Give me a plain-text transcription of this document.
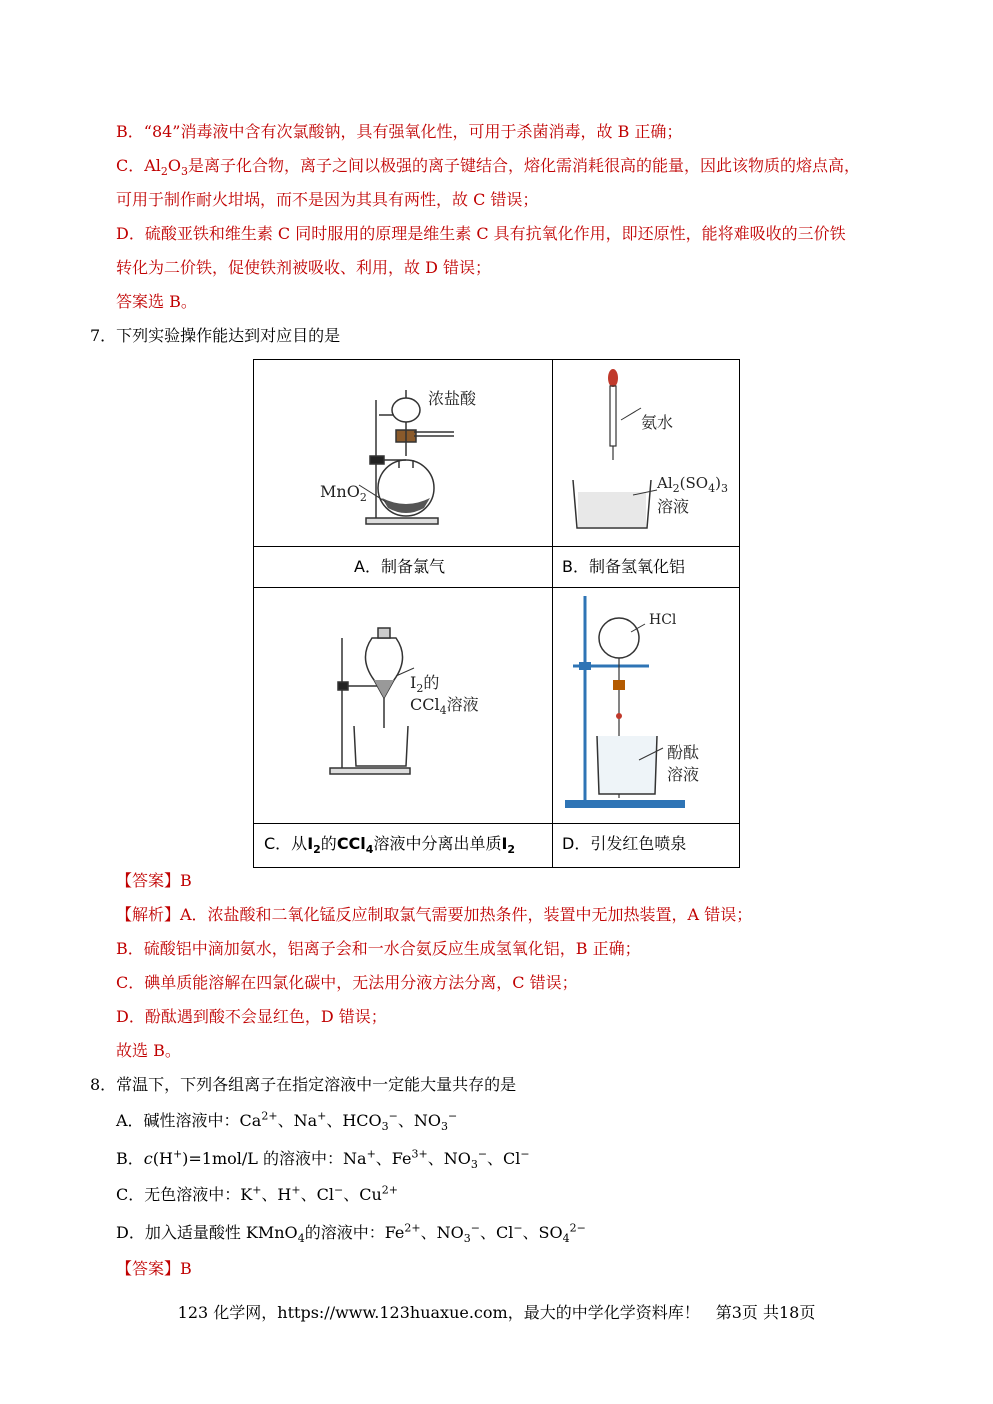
B．“84”消毒液中含有次氯酸钠，具有强氧化性，可用于杀菌消毒，故 B 正确；
C．$Al_2O_3$是离子化合物，离子之间以极强的离子键结合，熔化需消耗很高的能量，因此该物质的熔点高，
可用于制作耐火坩埚，而不是因为其具有两性，故 C 错误；
D．硫酸亚铁和维生素 C 同时服用的原理是维生素 C 具有抗氧化作用，即还原性，能将难吸收的三价铁
转化为二价铁，促使铁剂被吸收、利用，故 D 错误；
答案选 B。
7．下列实验操作能达到对应目的是
浓盐酸
MnO$_2$
氨水
$Al_2(SO_4)_3$
溶液
A．制备氯气	B．制备氢氧化铝
$I_2$的
CCl$_4$溶液
HCl
酚酞
溶液
C．从$I_2$的CCl$_4$溶液中分离出单质$I_2$	D．引发红色喷泉
【答案】B
【解析】A．浓盐酸和二氧化锰反应制取氯气需要加热条件，装置中无加热装置，A 错误；
B．硫酸铝中滴加氨水，铝离子会和一水合氨反应生成氢氧化铝，B 正确；
C．碘单质能溶解在四氯化碳中，无法用分液方法分离，C 错误；
D．酚酞遇到酸不会显红色，D 错误；
故选 B。
8．常温下，下列各组离子在指定溶液中一定能大量共存的是
A．碱性溶液中：$Ca^{2+}$、Na+、$HCO_3^-$、$NO_3^-$
B．c(H+)=1mol/L 的溶液中：Na+、$Fe^{3+}$、$NO_3^-$、Cl−
C．无色溶液中：K+、H+、Cl−、$Cu^{2+}$
D．加入适量酸性 KMnO$_4$的溶液中：$Fe^{2+}$、$NO_3^-$、Cl−、$SO_4^{2-}$
【答案】B
123 化学网，https://www.123huaxue.com，最大的中学化学资料库！　第3页 共18页
